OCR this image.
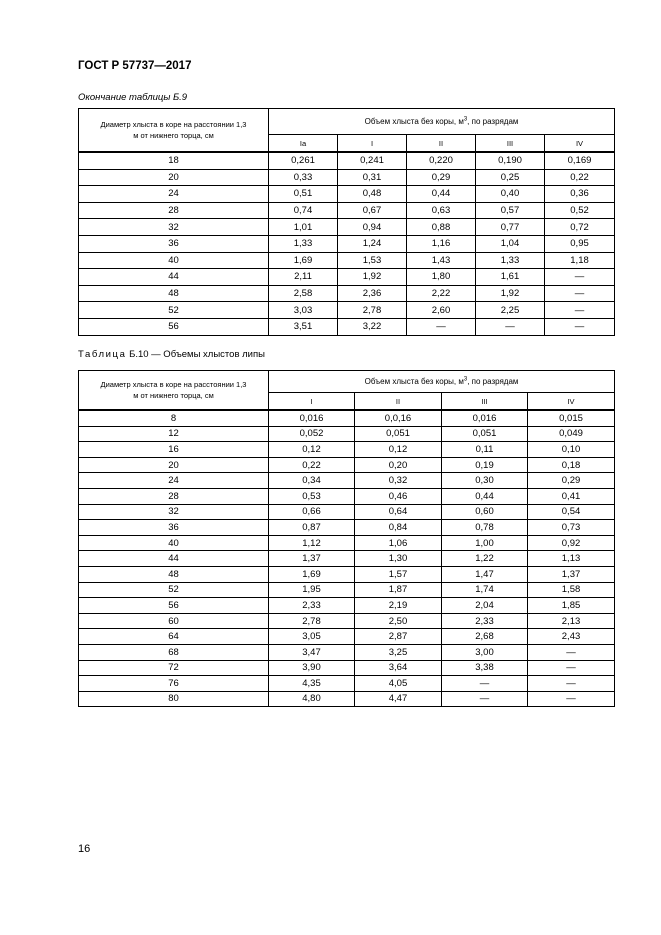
ГОСТ Р 57737—2017
Окончание таблицы Б.9
Диаметр хлыста в коре на расстоянии 1,3 м от нижнего торца, см	Объем хлыста без коры, $м^3$, по разрядам				
	Ia	I	II	III	IV
18	0,261	0,241	0,220	0,190	0,169
20	0,33	0,31	0,29	0,25	0,22
24	0,51	0,48	0,44	0,40	0,36
28	0,74	0,67	0,63	0,57	0,52
32	1,01	0,94	0,88	0,77	0,72
36	1,33	1,24	1,16	1,04	0,95
40	1,69	1,53	1,43	1,33	1,18
44	2,11	1,92	1,80	1,61	—
48	2,58	2,36	2,22	1,92	—
52	3,03	2,78	2,60	2,25	—
56	3,51	3,22	—	—	—
Таблица Б.10 — Объемы хлыстов липы
Диаметр хлыста в коре на расстоянии 1,3 м от нижнего торца, см	Объем хлыста без коры, $м^3$, по разрядам			
	I	II	III	IV
8	0,016	0,0,16	0,016	0,015
12	0,052	0,051	0,051	0,049
16	0,12	0,12	0,11	0,10
20	0,22	0,20	0,19	0,18
24	0,34	0,32	0,30	0,29
28	0,53	0,46	0,44	0,41
32	0,66	0,64	0,60	0,54
36	0,87	0,84	0,78	0,73
40	1,12	1,06	1,00	0,92
44	1,37	1,30	1,22	1,13
48	1,69	1,57	1,47	1,37
52	1,95	1,87	1,74	1,58
56	2,33	2,19	2,04	1,85
60	2,78	2,50	2,33	2,13
64	3,05	2,87	2,68	2,43
68	3,47	3,25	3,00	—
72	3,90	3,64	3,38	—
76	4,35	4,05	—	—
80	4,80	4,47	—	—
16
